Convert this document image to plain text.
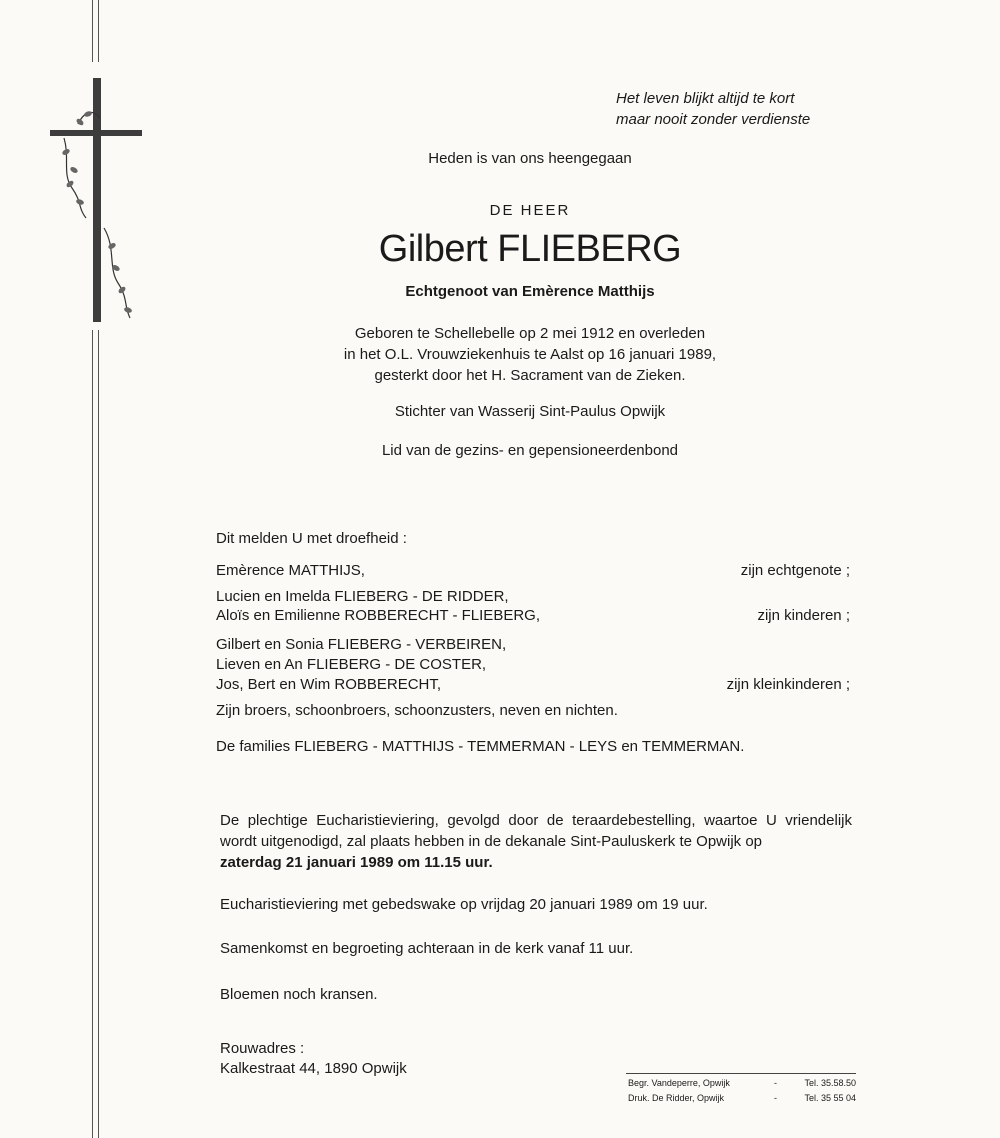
Het leven blijkt altijd te kort
maar nooit zonder verdienste
Heden is van ons heengegaan
DE HEER
Gilbert FLIEBERG
Echtgenoot van Emèrence Matthijs
Geboren te Schellebelle op 2 mei 1912 en overleden
in het O.L. Vrouwziekenhuis te Aalst op 16 januari 1989,
gesterkt door het H. Sacrament van de Zieken.
Stichter van Wasserij Sint-Paulus Opwijk
Lid van de gezins- en gepensioneerdenbond
Dit melden U met droefheid :
Emèrence MATTHIJS,	zijn echtgenote ;
Lucien en Imelda FLIEBERG - DE RIDDER,
Aloïs en Emilienne ROBBERECHT - FLIEBERG,	zijn kinderen ;
Gilbert en Sonia FLIEBERG - VERBEIREN,
Lieven en An FLIEBERG - DE COSTER,
Jos, Bert en Wim ROBBERECHT,	zijn kleinkinderen ;
Zijn broers, schoonbroers, schoonzusters, neven en nichten.
De families FLIEBERG - MATTHIJS - TEMMERMAN - LEYS en TEMMERMAN.
De plechtige Eucharistieviering, gevolgd door de teraardebestelling, waartoe U vriendelijk wordt uitgenodigd, zal plaats hebben in de dekanale Sint-Pauluskerk te Opwijk op
zaterdag 21 januari 1989 om 11.15 uur.
Eucharistieviering met gebedswake op vrijdag 20 januari 1989 om 19 uur.
Samenkomst en begroeting achteraan in de kerk vanaf 11 uur.
Bloemen noch kransen.
Rouwadres :
Kalkestraat 44, 1890 Opwijk
Begr. Vandeperre, Opwijk	-	Tel. 35.58.50
Druk. De Ridder, Opwijk	-	Tel. 35 55 04
